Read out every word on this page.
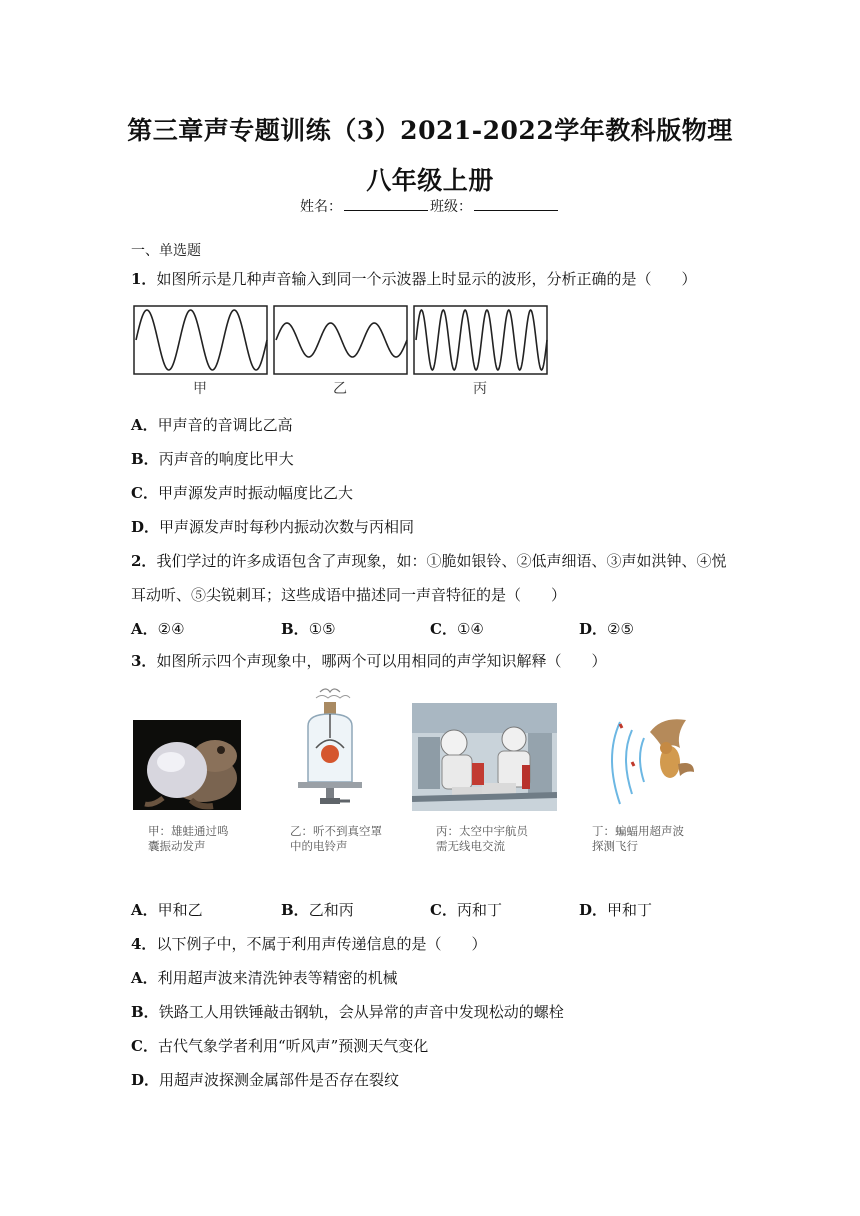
第三章声专题训练（3）2021-2022学年教科版物理八年级上册
姓名：	班级：
一、单选题
1．如图所示是几种声音输入到同一个示波器上时显示的波形，分析正确的是（　　）
甲	乙	丙
A．甲声音的音调比乙高
B．丙声音的响度比甲大
C．甲声源发声时振动幅度比乙大
D．甲声源发声时每秒内振动次数与丙相同
2．我们学过的许多成语包含了声现象，如：①脆如银铃、②低声细语、③声如洪钟、④悦
耳动听、⑤尖锐刺耳；这些成语中描述同一声音特征的是（　　）
A．②④	B．①⑤	C．①④	D．②⑤
3．如图所示四个声现象中，哪两个可以用相同的声学知识解释（　　）
甲：雄蛙通过鸣
囊振动发声
乙：听不到真空罩
中的电铃声
丙：太空中宇航员
需无线电交流
丁：蝙蝠用超声波
探测飞行
A．甲和乙	B．乙和丙	C．丙和丁	D．甲和丁
4．以下例子中，不属于利用声传递信息的是（　　）
A．利用超声波来清洗钟表等精密的机械
B．铁路工人用铁锤敲击钢轨，会从异常的声音中发现松动的螺栓
C．古代气象学者利用“听风声”预测天气变化
D．用超声波探测金属部件是否存在裂纹
